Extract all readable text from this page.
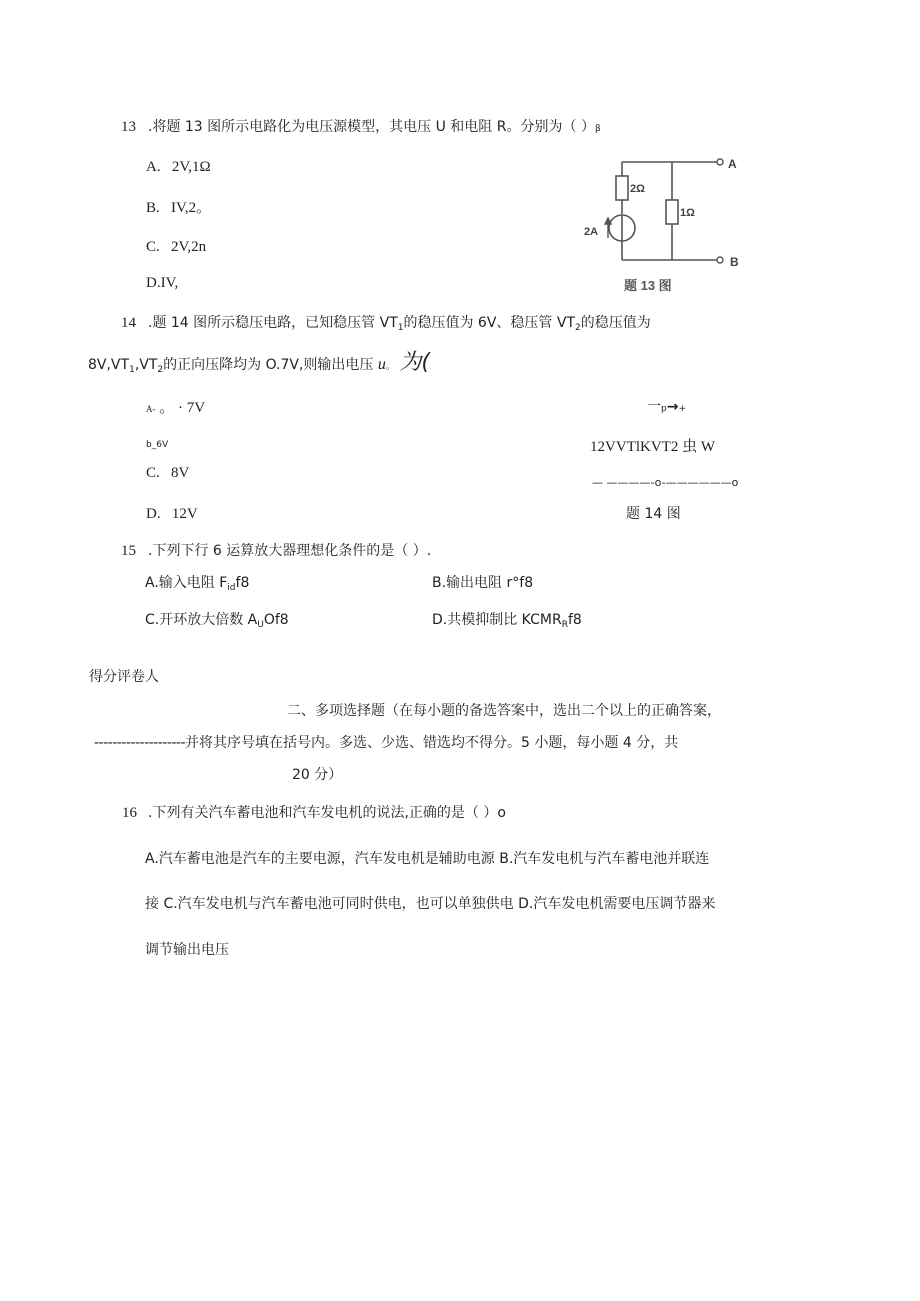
13 .将题 13 图所示电路化为电压源模型，其电压 U 和电阻 R。分别为（ ）β
A. 2V,1Ω
B. IV,2。
C. 2V,2n
D.IV,
2Ω
1Ω
2A
A
B
题 13 图
14 .题 14 图所示稳压电路，已知稳压管 $VT_1$的稳压值为 6V、稳压管 $VT_2$的稳压值为
$8V,VT_1,VT_2$的正向压降均为 O.7V,则输出电压 u。 为(
A- 。 · 7V
b_6V
C. 8V
D. 12V
一p→+
12VVTlKVT2 虫 W
— ————-o-——————o
题 14 图
15 .下列下行 6 运算放大器理想化条件的是（ ）.
A.输入电阻 $F_{id}f8$	B.输出电阻 r°f8
C.开环放大倍数 $A_UOf8$	D.共模抑制比 $KCMR_Rf8$
得分评卷人
二、多项选择题（在每小题的备选答案中，选出二个以上的正确答案，
--------------------并将其序号填在括号内。多选、少选、错选均不得分。5 小题，每小题 4 分，共
20 分）
16 .下列有关汽车蓄电池和汽车发电机的说法,正确的是（ ）o
A.汽车蓄电池是汽车的主要电源，汽车发电机是辅助电源 B.汽车发电机与汽车蓄电池并联连
接 C.汽车发电机与汽车蓄电池可同时供电，也可以单独供电 D.汽车发电机需要电压调节器来
调节输出电压
